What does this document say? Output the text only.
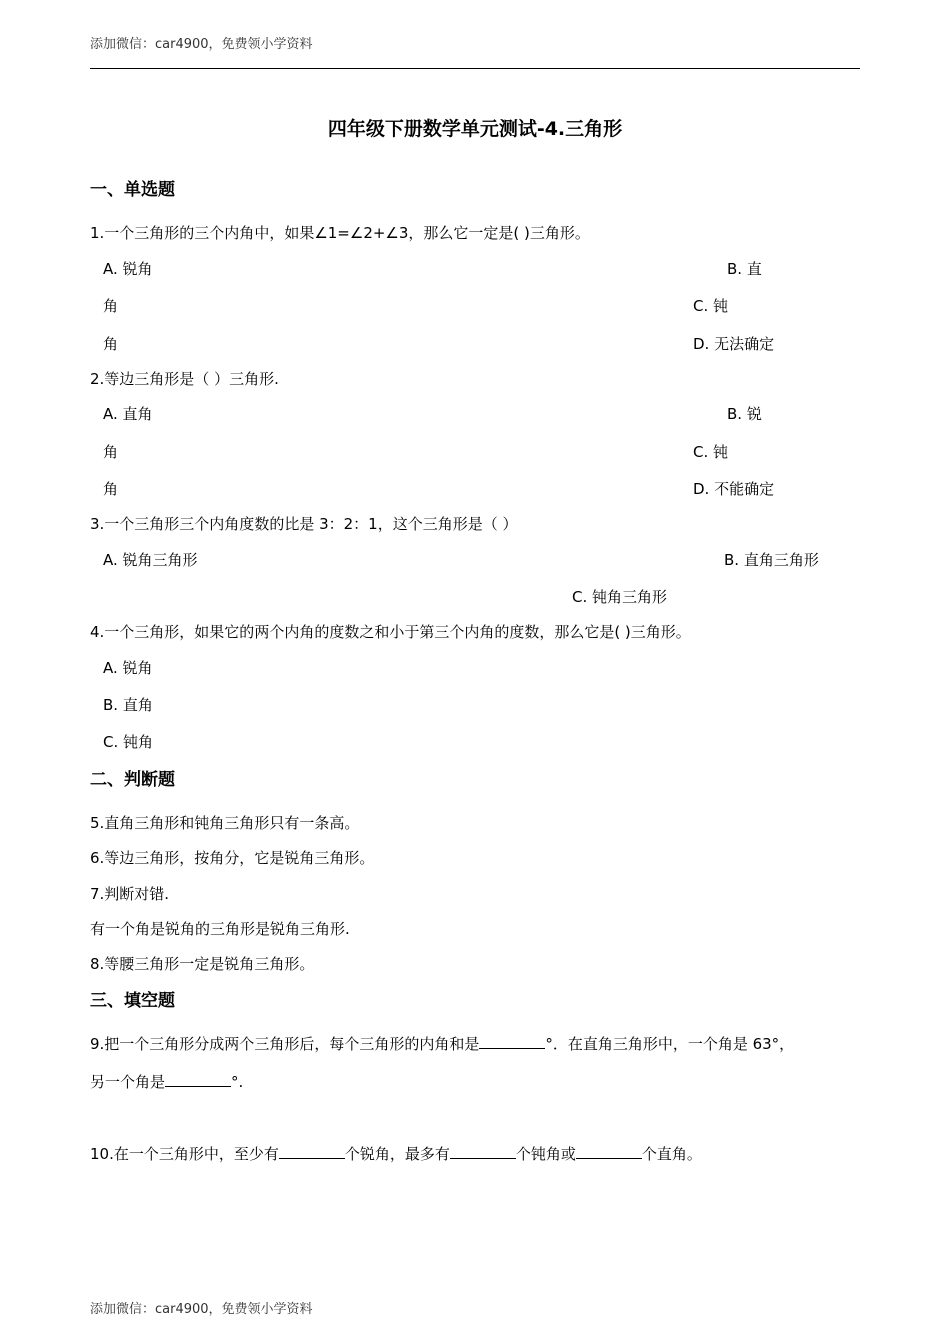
添加微信：car4900，免费领小学资料
四年级下册数学单元测试-4.三角形
一、单选题
1.一个三角形的三个内角中，如果∠1=∠2+∠3，那么它一定是( )三角形。
A. 锐角	B. 直
角	C. 钝
角	D. 无法确定
2.等边三角形是（ ）三角形.
A. 直角	B. 锐
角	C. 钝
角	D. 不能确定
3.一个三角形三个内角度数的比是 3：2：1，这个三角形是（ ）
A. 锐角三角形	B. 直角三角形
C. 钝角三角形
4.一个三角形，如果它的两个内角的度数之和小于第三个内角的度数，那么它是( )三角形。
A. 锐角
B. 直角
C. 钝角
二、判断题
5.直角三角形和钝角三角形只有一条高。
6.等边三角形，按角分，它是锐角三角形。
7.判断对错.
有一个角是锐角的三角形是锐角三角形.
8.等腰三角形一定是锐角三角形。
三、填空题
9.把一个三角形分成两个三角形后，每个三角形的内角和是	°．在直角三角形中，一个角是 63°，
另一个角是	°.
10.在一个三角形中，至少有	个锐角，最多有	个钝角或	个直角。
添加微信：car4900，免费领小学资料
